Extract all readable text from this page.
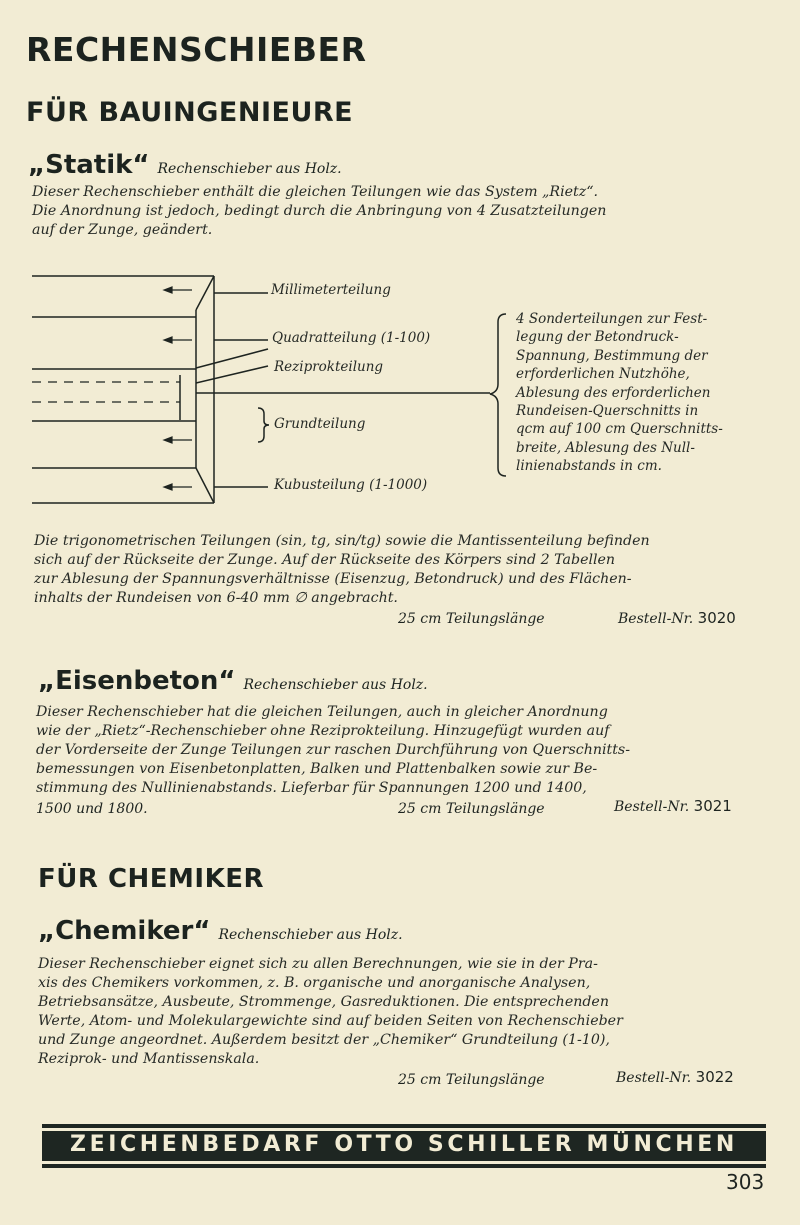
RECHENSCHIEBER
FÜR BAUINGENIEURE
„Statik“ Rechenschieber aus Holz.
Dieser Rechenschieber enthält die gleichen Teilungen wie das System „Rietz“.
Die Anordnung ist jedoch, bedingt durch die Anbringung von 4 Zusatzteilungen
auf der Zunge, geändert.
Millimeterteilung
Quadratteilung (1-100)
Reziprokteilung
Grundteilung
Kubusteilung (1-1000)
4 Sonderteilungen zur Fest-
legung der Betondruck-
Spannung, Bestimmung der
erforderlichen Nutzhöhe,
Ablesung des erforderlichen
Rundeisen-Querschnitts in
qcm auf 100 cm Querschnitts-
breite, Ablesung des Null-
linienabstands in cm.
Die trigonometrischen Teilungen (sin, tg, sin/tg) sowie die Mantissenteilung befinden
sich auf der Rückseite der Zunge. Auf der Rückseite des Körpers sind 2 Tabellen
zur Ablesung der Spannungsverhältnisse (Eisenzug, Betondruck) und des Flächen-
inhalts der Rundeisen von 6-40 mm ∅ angebracht.
25 cm Teilungslänge	Bestell-Nr. 3020
„Eisenbeton“ Rechenschieber aus Holz.
Dieser Rechenschieber hat die gleichen Teilungen, auch in gleicher Anordnung
wie der „Rietz“-Rechenschieber ohne Reziprokteilung. Hinzugefügt wurden auf
der Vorderseite der Zunge Teilungen zur raschen Durchführung von Querschnitts-
bemessungen von Eisenbetonplatten, Balken und Plattenbalken sowie zur Be-
stimmung des Nullinienabstands. Lieferbar für Spannungen 1200 und 1400,
1500 und 1800.	25 cm Teilungslänge	Bestell-Nr. 3021
FÜR CHEMIKER
„Chemiker“ Rechenschieber aus Holz.
Dieser Rechenschieber eignet sich zu allen Berechnungen, wie sie in der Pra-
xis des Chemikers vorkommen, z. B. organische und anorganische Analysen,
Betriebsansätze, Ausbeute, Strommenge, Gasreduktionen. Die entsprechenden
Werte, Atom- und Molekulargewichte sind auf beiden Seiten von Rechenschieber
und Zunge angeordnet. Außerdem besitzt der „Chemiker“ Grundteilung (1-10),
Reziprok- und Mantissenskala.
25 cm Teilungslänge	Bestell-Nr. 3022
ZEICHENBEDARF OTTO SCHILLER MÜNCHEN
303
